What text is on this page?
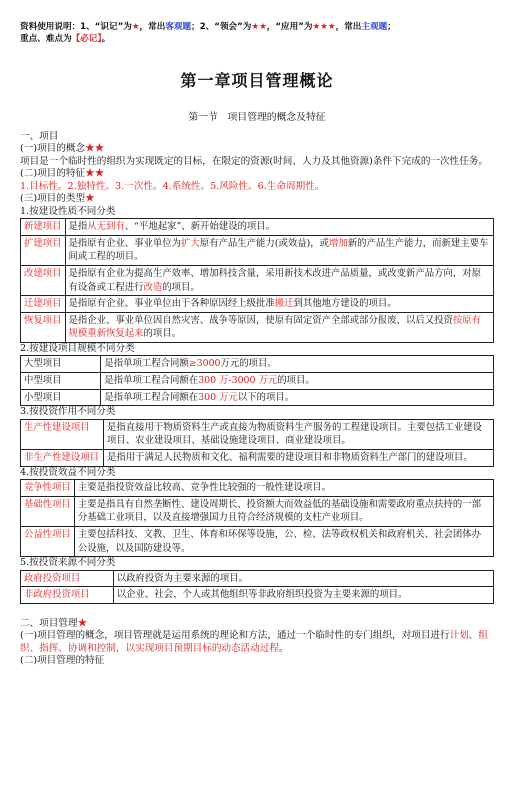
资料使用说明：1、“识记”为★，常出客观题；2、“领会”为★★，“应用”为★★★，常出主观题；
重点、难点为【必记】。
第一章项目管理概论
第一节　项目管理的概念及特征

一、项目

(一)项目的概念★★

项目是一个临时性的组织为实现既定的目标，在限定的资源(时间、人力及其他资源)条件下完成的一次性任务。

(二)项目的特征★★

1.目标性。2.独特性。3.一次性。4.系统性。5.风险性。6.生命周期性。

(三)项目的类型★

1.按建设性质不同分类

新建项目	是指从无到有、“平地起家”、新开始建设的项目。
扩建项目	是指原有企业、事业单位为扩大原有产品生产能力(或效益)，或增加新的产品生产能力，而新建主要车间或工程的项目。
改建项目	是指原有企业为提高生产效率、增加科技含量，采用新技术改进产品质量，或改变新产品方向，对原有设备或工程进行改造的项目。
迁建项目	是指原有企业、事业单位由于各种原因经上级批准搬迁到其他地方建设的项目。
恢复项目	是指企业、事业单位因自然灾害、战争等原因，使原有固定资产全部或部分报废，以后又投资按原有规模重新恢复起来的项目。

2.按建设项目规模不同分类

大型项目	是指单项工程合同额≥3000万元的项目。
中型项目	是指单项工程合同额在300 万-3000 万元的项目。
小型项目	是指单项工程合同额在300 万元以下的项目。

3.按投资作用不同分类

生产性建设项目	是指直接用于物质资料生产或直接为物质资料生产服务的工程建设项目。主要包括工业建设项目、农业建设项目、基础设施建设项目、商业建设项目。
非生产性建设项目	是指用于满足人民物质和文化、福利需要的建设项目和非物质资料生产部门的建设项目。

4.按投资效益不同分类

竞争性项目	主要是指投资效益比较高、竞争性比较强的一般性建设项目。
基础性项目	主要是指具有自然垄断性、建设周期长、投资额大而效益低的基础设施和需要政府重点扶持的一部分基础工业项目，以及直接增强国力且符合经济规模的支柱产业项目。
公益性项目	主要包括科技、文教、卫生、体育和环保等设施，公、检、法等政权机关和政府机关、社会团体办公设施，以及国防建设等。

5.按投资来源不同分类

政府投资项目	以政府投资为主要来源的项目。
非政府投资项目	以企业、社会、个人或其他组织等非政府组织投资为主要来源的项目。

二、项目管理★

(一)项目管理的概念，项目管理就是运用系统的理论和方法，通过一个临时性的专门组织，对项目进行计划、组织、指挥、协调和控制，以实现项目预期目标的动态活动过程。

(二)项目管理的特征
